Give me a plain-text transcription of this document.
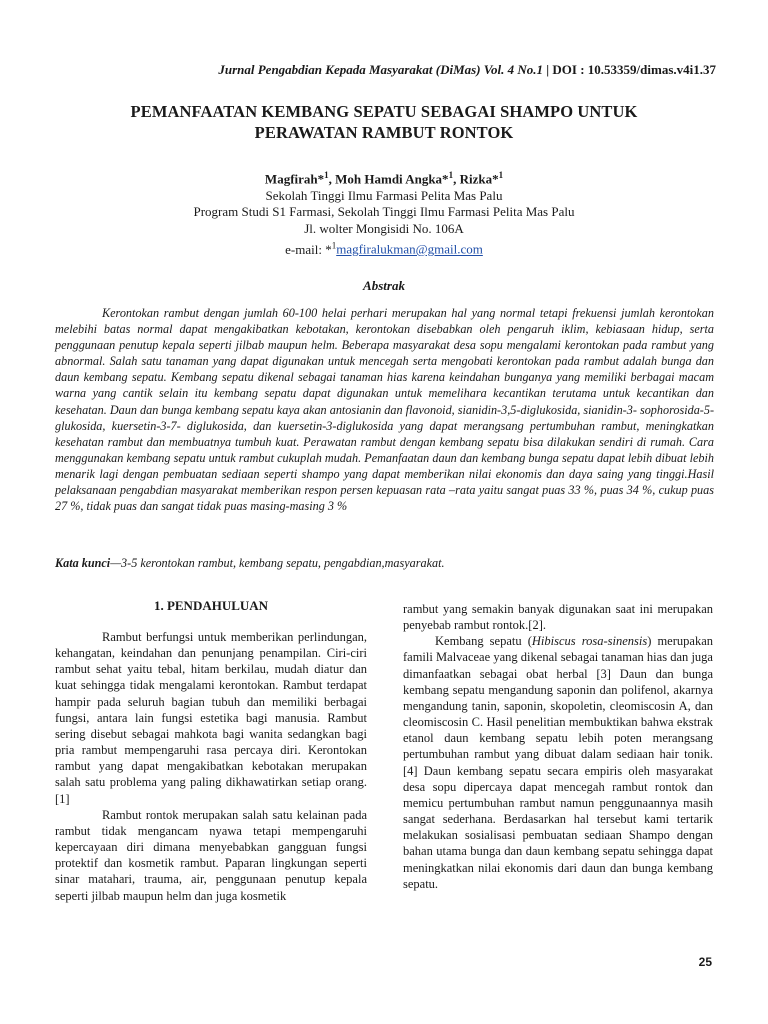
Jurnal Pengabdian Kepada Masyarakat (DiMas) Vol. 4 No.1 | DOI : 10.53359/dimas.v4i1.37
PEMANFAATAN KEMBANG SEPATU SEBAGAI SHAMPO UNTUK
PERAWATAN RAMBUT RONTOK
Magfirah*$^1$, Moh Hamdi Angka*$^1$, Rizka*$^1$
Sekolah Tinggi Ilmu Farmasi Pelita Mas Palu
Program Studi S1 Farmasi, Sekolah Tinggi Ilmu Farmasi Pelita Mas Palu
Jl. wolter Mongisidi No. 106A
e-mail: *$^1$magfiralukman@gmail.com
Abstrak

Kerontokan rambut dengan jumlah 60-100 helai perhari merupakan hal yang normal tetapi frekuensi jumlah kerontokan melebihi batas normal dapat mengakibatkan kebotakan, kerontokan disebabkan oleh pengaruh iklim, kebiasaan hidup, serta penggunaan penutup kepala seperti jilbab maupun helm. Beberapa masyarakat desa sopu mengalami kerontokan pada rambut yang abnormal. Salah satu tanaman yang dapat digunakan untuk mencegah serta mengobati kerontokan pada rambut adalah bunga dan daun kembang sepatu. Kembang sepatu dikenal sebagai tanaman hias karena keindahan bunganya yang memiliki berbagai macam warna yang cantik selain itu kembang sepatu dapat digunakan untuk memelihara kecantikan terutama untuk kecantikan dan kesehatan. Daun dan bunga kembang sepatu kaya akan antosianin dan flavonoid, sianidin-3,5-diglukosida, sianidin-3- sophorosida-5-glukosida, kuersetin-3-7- diglukosida, dan kuersetin-3-diglukosida yang dapat merangsang pertumbuhan rambut, meningkatkan kesehatan rambut dan membuatnya tumbuh kuat. Perawatan rambut dengan kembang sepatu bisa dilakukan sendiri di rumah. Cara menggunakan kembang sepatu untuk rambut cukuplah mudah. Pemanfaatan daun dan kembang bunga sepatu dapat lebih dibuat lebih menarik lagi dengan pembuatan sediaan seperti shampo yang dapat memberikan nilai ekonomis dan daya saing yang tinggi.Hasil pelaksanaan pengabdian masyarakat memberikan respon persen kepuasan rata –rata yaitu sangat puas 33 %, puas 34 %, cukup puas 27 %, tidak puas dan sangat tidak puas masing-masing 3 %

Kata kunci—3-5 kerontokan rambut, kembang sepatu, pengabdian,masyarakat.
1. PENDAHULUAN

Rambut berfungsi untuk memberikan perlindungan, kehangatan, keindahan dan penunjang penampilan. Ciri-ciri rambut sehat yaitu tebal, hitam berkilau, mudah diatur dan kuat sehingga tidak mengalami kerontokan. Rambut terdapat hampir pada seluruh bagian tubuh dan memiliki berbagai fungsi, antara lain fungsi estetika bagi manusia. Rambut sering disebut sebagai mahkota bagi wanita sedangkan bagi pria rambut mempengaruhi rasa percaya diri. Kerontokan rambut yang dapat mengakibatkan kebotakan merupakan salah satu problema yang paling dikhawatirkan setiap orang.[1]

Rambut rontok merupakan salah satu kelainan pada rambut tidak mengancam nyawa tetapi mempengaruhi kepercayaan diri dimana menyebabkan gangguan fungsi protektif dan kosmetik rambut. Paparan lingkungan seperti sinar matahari, trauma, air, penggunaan penutup kepala seperti jilbab maupun helm dan juga kosmetik

rambut yang semakin banyak digunakan saat ini merupakan penyebab rambut rontok.[2].

Kembang sepatu (Hibiscus rosa-sinensis) merupakan famili Malvaceae yang dikenal sebagai tanaman hias dan juga dimanfaatkan sebagai obat herbal [3] Daun dan bunga kembang sepatu mengandung saponin dan polifenol, akarnya mengandung tanin, saponin, skopoletin, cleomiscosin A, dan cleomiscosin C. Hasil penelitian membuktikan bahwa ekstrak etanol daun kembang sepatu lebih poten merangsang pertumbuhan rambut yang dibuat dalam sediaan hair tonik. [4] Daun kembang sepatu secara empiris oleh masyarakat desa sopu dipercaya dapat mencegah rambut rontok dan memicu pertumbuhan rambut namun penggunaannya masih sangat sederhana. Berdasarkan hal tersebut kami tertarik melakukan sosialisasi pembuatan sediaan Shampo dengan bahan utama bunga dan daun kembang sepatu sehingga dapat meningkatkan nilai ekonomis dari daun dan bunga kembang sepatu.

25
